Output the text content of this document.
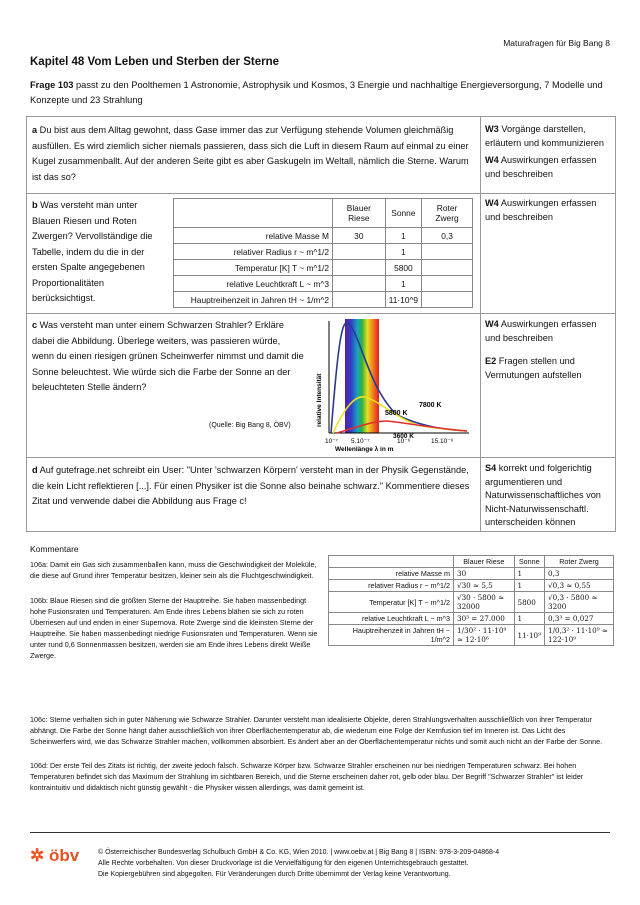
Maturafragen für Big Bang 8
Kapitel 48 Vom Leben und Sterben der Sterne
Frage 103 passt zu den Poolthemen 1 Astronomie, Astrophysik und Kosmos, 3 Energie und nachhaltige Energieversorgung, 7 Modelle und Konzepte und 23 Strahlung
a Du bist aus dem Alltag gewohnt, dass Gase immer das zur Verfügung stehende Volumen gleichmäßig ausfüllen. Es wird ziemlich sicher niemals passieren, dass sich die Luft in diesem Raum auf einmal zu einer Kugel zusammenballt. Auf der anderen Seite gibt es aber Gaskugeln im Weltall, nämlich die Sterne. Warum ist das so?
W3 Vorgänge darstellen, erläutern und kommunizieren
W4 Auswirkungen erfassen und beschreiben
b Was versteht man unter Blauen Riesen und Roten Zwergen? Vervollständige die Tabelle, indem du die in der ersten Spalte angegebenen Proportionalitäten berücksichtigst.
	Blauer Riese	Sonne	Roter Zwerg
relative Masse M	30	1	0,3
relativer Radius r ~ m^1/2		1	
Temperatur [K] T ~ m^1/2		5800	
relative Leuchtkraft L ~ m^3		1	
Hauptreihenzeit in Jahren tH ~ 1/m^2		11·10^9	
W4 Auswirkungen erfassen und beschreiben
c Was versteht man unter einem Schwarzen Strahler? Erkläre dabei die Abbildung. Überlege weiters, was passieren würde, wenn du einen riesigen grünen Scheinwerfer nimmst und damit die Sonne beleuchtest. Wie würde sich die Farbe der Sonne an der beleuchteten Stelle ändern?
(Quelle: Big Bang 8, ÖBV)
7800 K
5800 K
3600 K
relative Intensität
10⁻⁷ 5.10⁻⁷	10⁻⁶	15.10⁻⁶
Wellenlänge λ in m
W4 Auswirkungen erfassen und beschreiben
E2 Fragen stellen und Vermutungen aufstellen
d Auf gutefrage.net schreibt ein User: "Unter 'schwarzen Körpern' versteht man in der Physik Gegenstände, die kein Licht reflektieren [...]. Für einen Physiker ist die Sonne also beinahe schwarz." Kommentiere dieses Zitat und verwende dabei die Abbildung aus Frage c!
S4 korrekt und folgerichtig argumentieren und Naturwissenschaftliches von Nicht-Naturwissenschaftl. unterscheiden können
Kommentare
106a: Damit ein Gas sich zusammenballen kann, muss die Geschwindigkeit der Moleküle, die diese auf Grund ihrer Temperatur besitzen, kleiner sein als die Fluchtgeschwindigkeit.
106b: Blaue Riesen sind die größten Sterne der Hauptreihe. Sie haben massenbedingt hohe Fusionsraten und Temperaturen. Am Ende ihres Lebens blähen sie sich zu roten Überriesen auf und enden in einer Supernova. Rote Zwerge sind die kleinsten Sterne der Hauptreihe. Sie haben massenbedingt niedrige Fusionsraten und Temperaturen. Wenn sie unter rund 0,6 Sonnenmassen besitzen, werden sie am Ende ihres Lebens direkt Weiße Zwerge.
	Blauer Riese	Sonne	Roter Zwerg
relative Masse m	30	1	0,3
relativer Radius r ~ m^1/2	√30 ≈ 5,5	1	√0,3 ≈ 0,55
Temperatur [K] T ~ m^1/2	√30 · 5800 ≈ 32000	5800	√0,3 · 5800 ≈ 3200
relative Leuchtkraft L ~ m^3	30³ = 27.000	1	0,3³ = 0,027
Hauptreihenzeit in Jahren tH ~ 1/m^2	1/30² · 11·10⁹ ≈ 12·10⁶	11·10⁹	1/0,3² · 11·10⁹ ≈ 122·10⁹
106c: Sterne verhalten sich in guter Näherung wie Schwarze Strahler. Darunter versteht man idealisierte Objekte, deren Strahlungsverhalten ausschließlich von ihrer Temperatur abhängt. Die Farbe der Sonne hängt daher ausschließlich von ihrer Oberflächentemperatur ab, die wiederum eine Folge der Kernfusion tief im Inneren ist. Das Licht des Scheinwerfers wird, wie das Schwarze Strahler machen, vollkommen absorbiert. Es ändert aber an der Oberflächentemperatur nichts und somit auch nicht an der Farbe der Sonne.
106d: Der erste Teil des Zitats ist richtig, der zweite jedoch falsch. Schwarze Körper bzw. Schwarze Strahler erscheinen nur bei niedrigen Temperaturen schwarz. Bei hohen Temperaturen befindet sich das Maximum der Strahlung im sichtbaren Bereich, und die Sterne erscheinen daher rot, gelb oder blau. Der Begriff "Schwarzer Strahler" ist leider kontraintuitiv und didaktisch nicht günstig gewählt - die Physiker wissen allerdings, was damit gemeint ist.
✲ öbv	© Österreichischer Bundesverlag Schulbuch GmbH & Co. KG, Wien 2010. | www.oebv.at | Big Bang 8 | ISBN: 978-3-209-04868-4
Alle Rechte vorbehalten. Von dieser Druckvorlage ist die Vervielfältigung für den eigenen Unterrichtsgebrauch gestattet.
Die Kopiergebühren sind abgegolten. Für Veränderungen durch Dritte übernimmt der Verlag keine Verantwortung.
